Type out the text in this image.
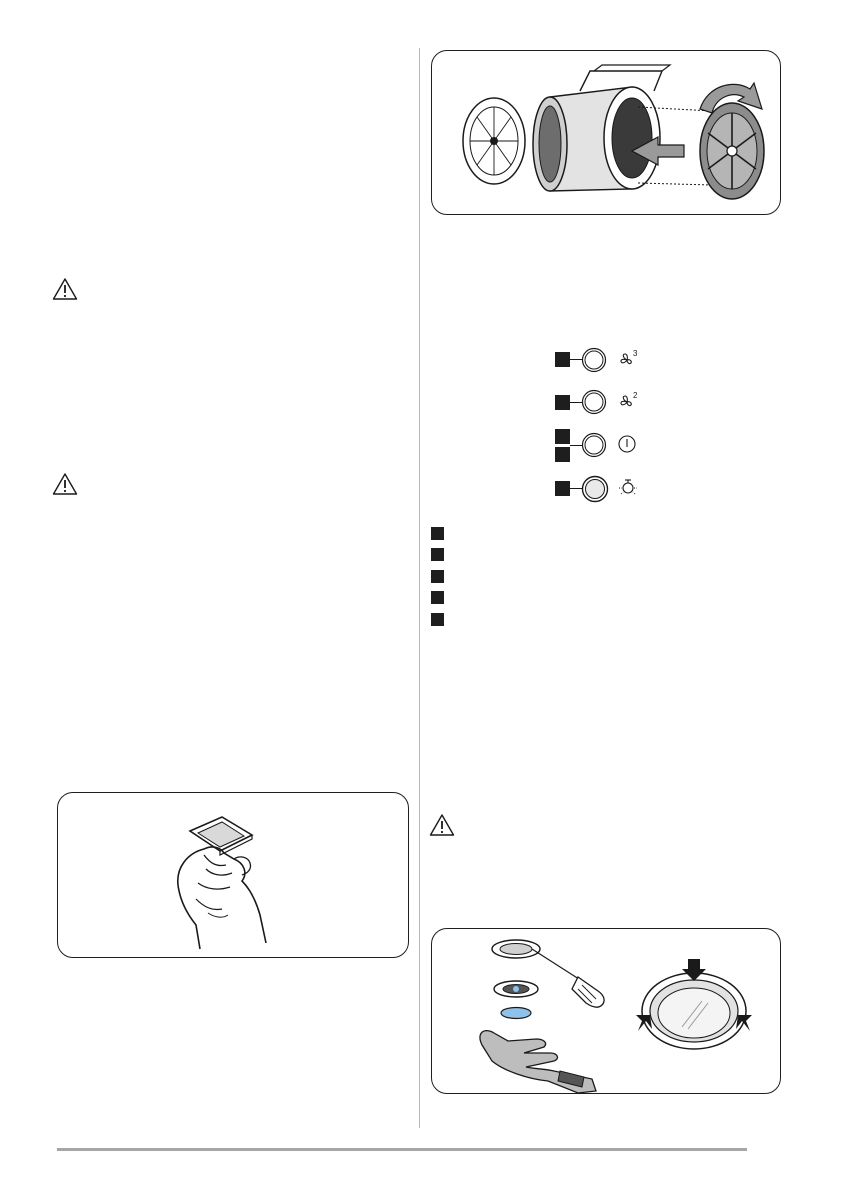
3
2
